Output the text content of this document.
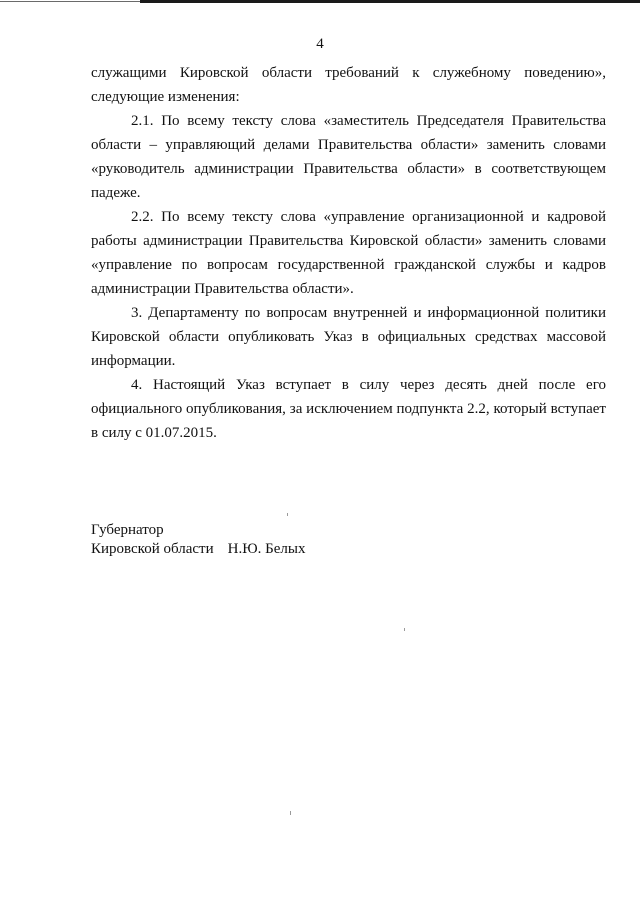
4

служащими Кировской области требований к служебному поведению», следующие изменения:

2.1. По всему тексту слова «заместитель Председателя Правительства области – управляющий делами Правительства области» заменить словами «руководитель администрации Правительства области» в соответствующем падеже.

2.2. По всему тексту слова «управление организационной и кадровой работы администрации Правительства Кировской области» заменить словами «управление по вопросам государственной гражданской службы и кадров администрации Правительства области».

3. Департаменту по вопросам внутренней и информационной политики Кировской области опубликовать Указ в официальных средствах массовой информации.

4. Настоящий Указ вступает в силу через десять дней после его официального опубликования, за исключением подпункта 2.2, который вступает в силу с 01.07.2015.

Губернатор
Кировской области Н.Ю. Белых
